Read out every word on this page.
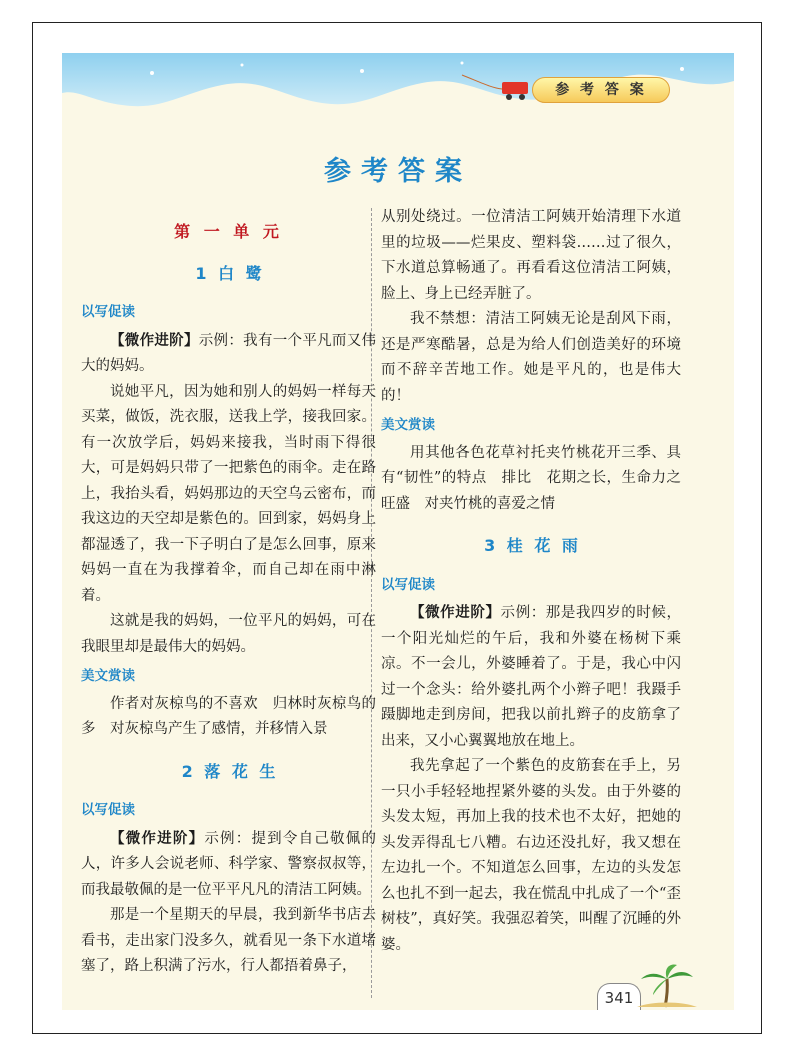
参 考 答 案
参考答案
第 一 单 元
1 白 鹭
以写促读

【微作进阶】示例：我有一个平凡而又伟大的妈妈。

说她平凡，因为她和别人的妈妈一样每天买菜，做饭，洗衣服，送我上学，接我回家。有一次放学后，妈妈来接我，当时雨下得很大，可是妈妈只带了一把紫色的雨伞。走在路上，我抬头看，妈妈那边的天空乌云密布，而我这边的天空却是紫色的。回到家，妈妈身上都湿透了，我一下子明白了是怎么回事，原来妈妈一直在为我撑着伞，而自己却在雨中淋着。

这就是我的妈妈，一位平凡的妈妈，可在我眼里却是最伟大的妈妈。

美文赏读

作者对灰椋鸟的不喜欢　归林时灰椋鸟的多　对灰椋鸟产生了感情，并移情入景

2 落 花 生
以写促读

【微作进阶】示例：提到令自己敬佩的人，许多人会说老师、科学家、警察叔叔等，而我最敬佩的是一位平平凡凡的清洁工阿姨。

那是一个星期天的早晨，我到新华书店去看书，走出家门没多久，就看见一条下水道堵塞了，路上积满了污水，行人都捂着鼻子，

从别处绕过。一位清洁工阿姨开始清理下水道里的垃圾——烂果皮、塑料袋……过了很久，下水道总算畅通了。再看看这位清洁工阿姨，脸上、身上已经弄脏了。

我不禁想：清洁工阿姨无论是刮风下雨，还是严寒酷暑，总是为给人们创造美好的环境而不辞辛苦地工作。她是平凡的，也是伟大的！

美文赏读

用其他各色花草衬托夹竹桃花开三季、具有“韧性”的特点　排比　花期之长，生命力之旺盛　对夹竹桃的喜爱之情

3 桂 花 雨
以写促读

【微作进阶】示例：那是我四岁的时候，一个阳光灿烂的午后，我和外婆在杨树下乘凉。不一会儿，外婆睡着了。于是，我心中闪过一个念头：给外婆扎两个小辫子吧！我蹑手蹑脚地走到房间，把我以前扎辫子的皮筋拿了出来，又小心翼翼地放在地上。

我先拿起了一个紫色的皮筋套在手上，另一只小手轻轻地捏紧外婆的头发。由于外婆的头发太短，再加上我的技术也不太好，把她的头发弄得乱七八糟。右边还没扎好，我又想在左边扎一个。不知道怎么回事，左边的头发怎么也扎不到一起去，我在慌乱中扎成了一个“歪树枝”，真好笑。我强忍着笑，叫醒了沉睡的外婆。

341
